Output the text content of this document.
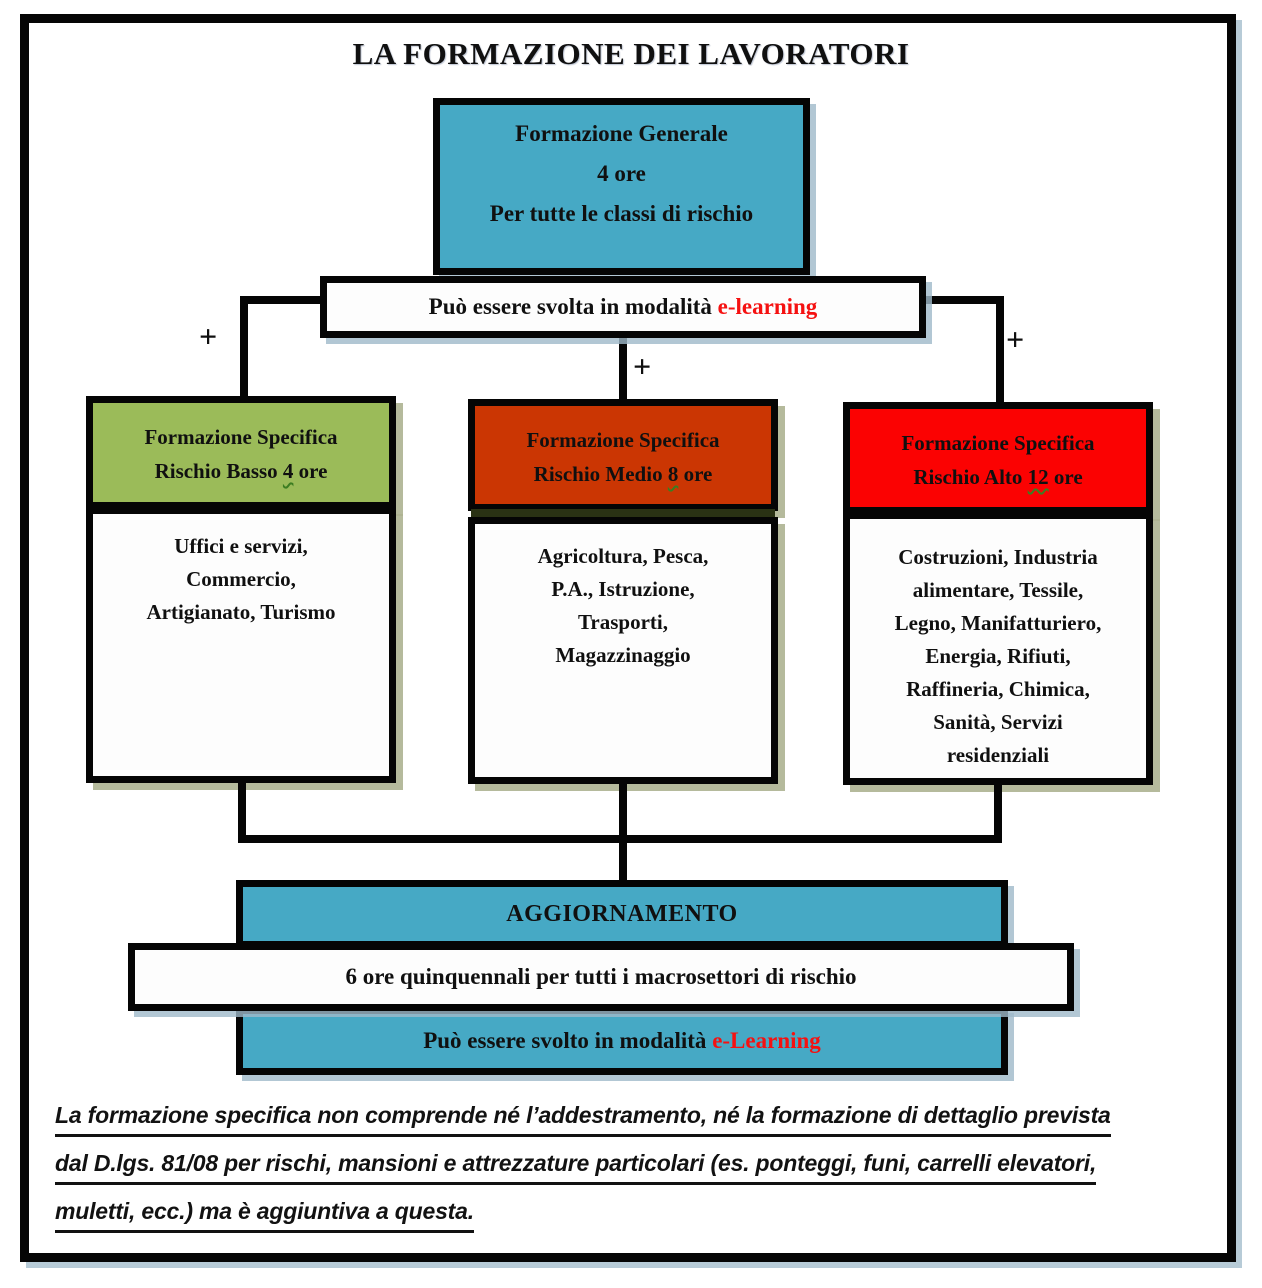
LA FORMAZIONE DEI LAVORATORI
Formazione Generale
4 ore
Per tutte le classi di rischio
Può essere svolta in modalità e-learning
+
+
+
Formazione Specifica
Rischio Basso 4 ore
Uffici e servizi,
Commercio,
Artigianato, Turismo
Formazione Specifica
Rischio Medio 8 ore
Agricoltura, Pesca,
P.A., Istruzione,
Trasporti,
Magazzinaggio
Formazione Specifica
Rischio Alto 12 ore
Costruzioni, Industria
alimentare, Tessile,
Legno, Manifatturiero,
Energia, Rifiuti,
Raffineria, Chimica,
Sanità, Servizi
residenziali
AGGIORNAMENTO
6 ore quinquennali per tutti i macrosettori di rischio
Può essere svolto in modalità e-Learning
La formazione specifica non comprende né l’addestramento, né la formazione di dettaglio prevista
dal D.lgs. 81/08 per rischi, mansioni e attrezzature particolari (es. ponteggi, funi, carrelli elevatori,
muletti, ecc.) ma è aggiuntiva a questa.
